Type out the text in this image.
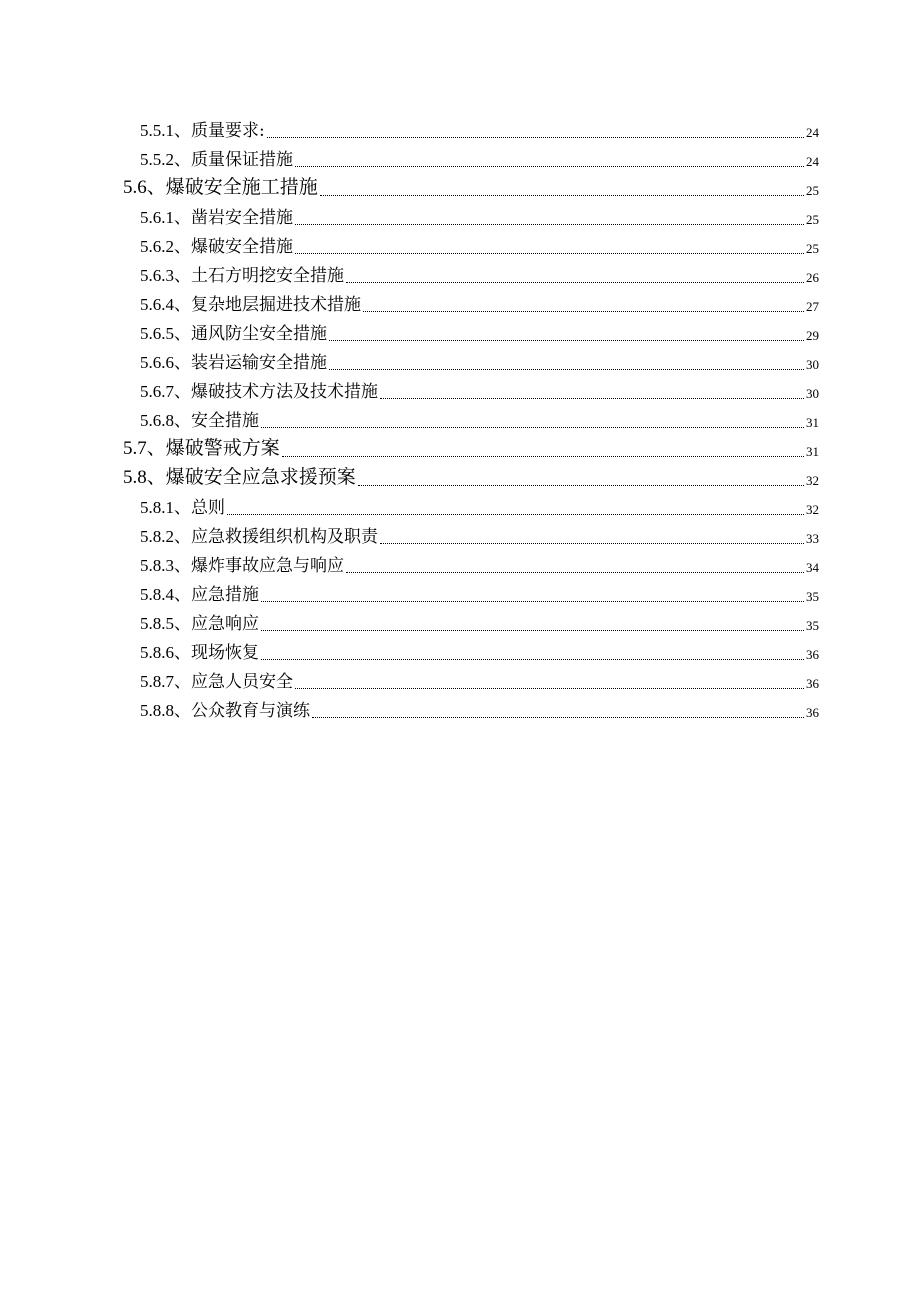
5.5.1、质量要求:	24
5.5.2、质量保证措施	24
5.6、爆破安全施工措施	25
5.6.1、凿岩安全措施	25
5.6.2、爆破安全措施	25
5.6.3、土石方明挖安全措施	26
5.6.4、复杂地层掘进技术措施	27
5.6.5、通风防尘安全措施	29
5.6.6、装岩运输安全措施	30
5.6.7、爆破技术方法及技术措施	30
5.6.8、安全措施	31
5.7、爆破警戒方案	31
5.8、爆破安全应急求援预案	32
5.8.1、总则	32
5.8.2、应急救援组织机构及职责	33
5.8.3、爆炸事故应急与响应	34
5.8.4、应急措施	35
5.8.5、应急响应	35
5.8.6、现场恢复	36
5.8.7、应急人员安全	36
5.8.8、公众教育与演练	36
